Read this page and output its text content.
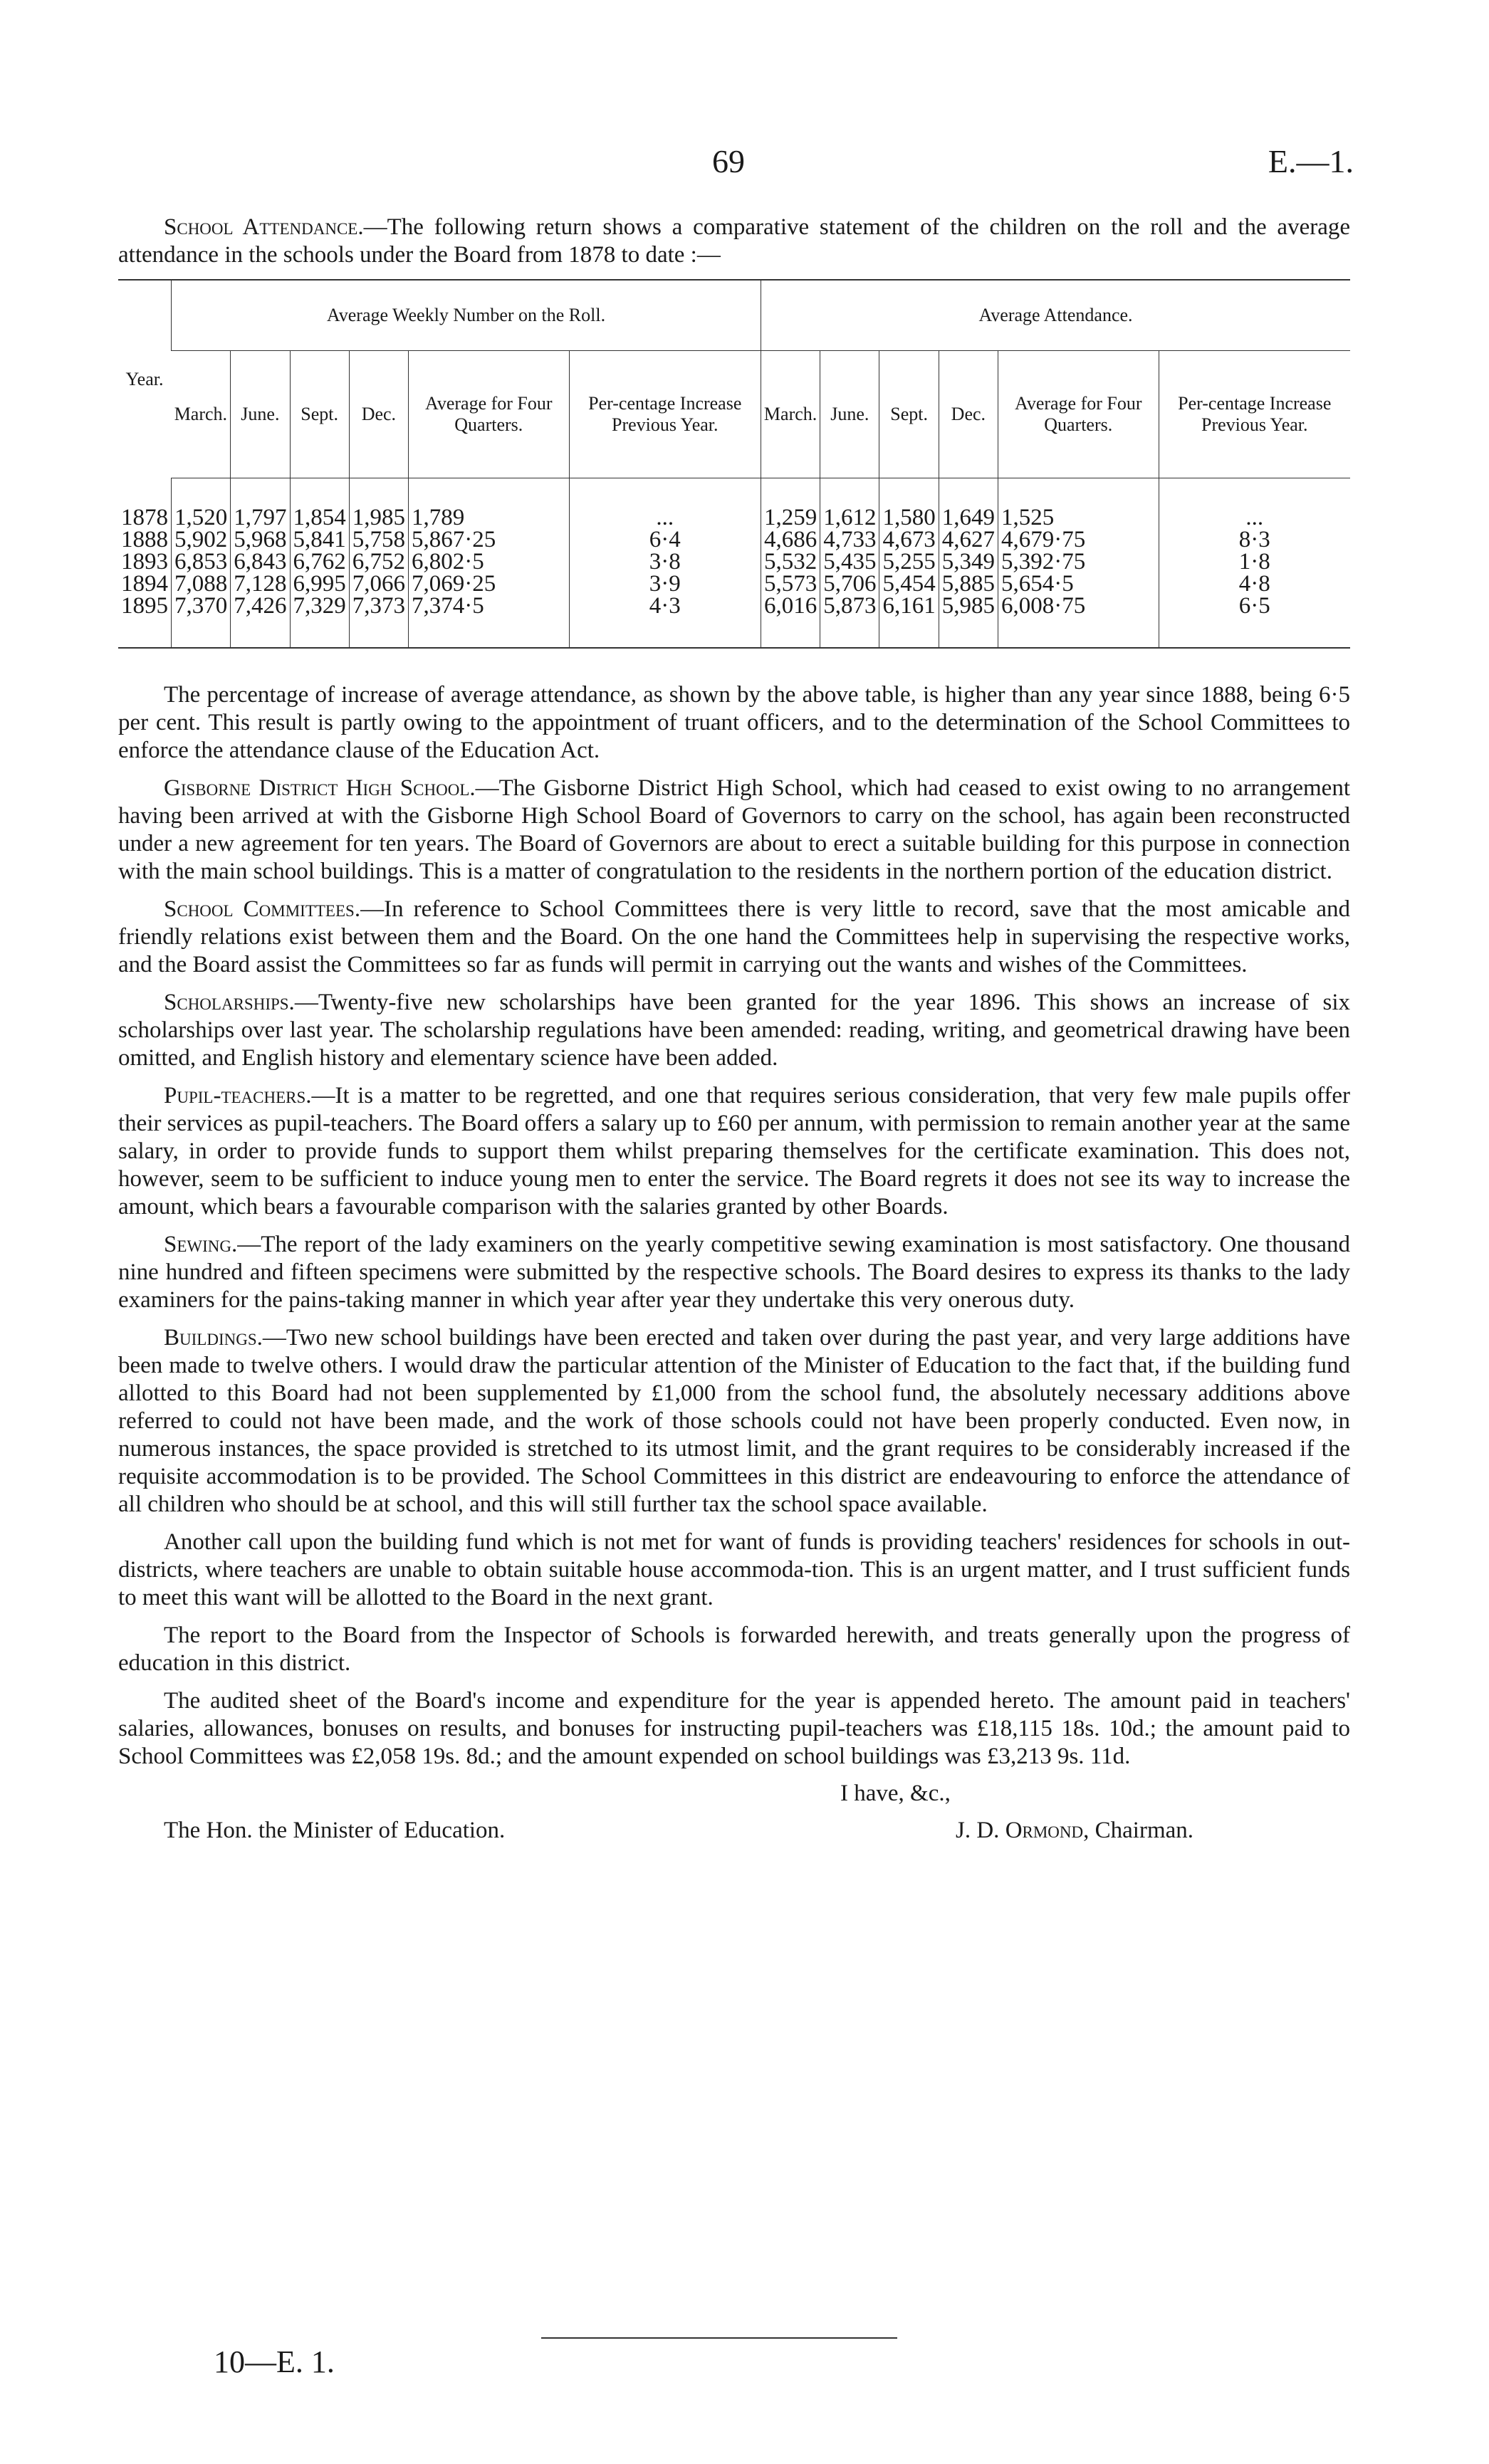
69	E.—1.

School Attendance.—The following return shows a comparative statement of the children on the roll and the average attendance in the schools under the Board from 1878 to date :—

Year.	Average Weekly Number on the Roll.						Average Attendance.					
	March.	June.	Sept.	Dec.	Average for Four Quarters.	Per-centage Increase Previous Year.	March.	June.	Sept.	Dec.	Average for Four Quarters.	Per-centage Increase Previous Year.
1878	1,520	1,797	1,854	1,985	1,789	...	1,259	1,612	1,580	1,649	1,525	...
1888	5,902	5,968	5,841	5,758	5,867·25	6·4	4,686	4,733	4,673	4,627	4,679·75	8·3
1893	6,853	6,843	6,762	6,752	6,802·5	3·8	5,532	5,435	5,255	5,349	5,392·75	1·8
1894	7,088	7,128	6,995	7,066	7,069·25	3·9	5,573	5,706	5,454	5,885	5,654·5	4·8
1895	7,370	7,426	7,329	7,373	7,374·5	4·3	6,016	5,873	6,161	5,985	6,008·75	6·5

The percentage of increase of average attendance, as shown by the above table, is higher than any year since 1888, being 6·5 per cent. This result is partly owing to the appointment of truant officers, and to the determination of the School Committees to enforce the attendance clause of the Education Act.

Gisborne District High School.—The Gisborne District High School, which had ceased to exist owing to no arrangement having been arrived at with the Gisborne High School Board of Governors to carry on the school, has again been reconstructed under a new agreement for ten years. The Board of Governors are about to erect a suitable building for this purpose in connection with the main school buildings. This is a matter of congratulation to the residents in the northern portion of the education district.

School Committees.—In reference to School Committees there is very little to record, save that the most amicable and friendly relations exist between them and the Board. On the one hand the Committees help in supervising the respective works, and the Board assist the Committees so far as funds will permit in carrying out the wants and wishes of the Committees.

Scholarships.—Twenty-five new scholarships have been granted for the year 1896. This shows an increase of six scholarships over last year. The scholarship regulations have been amended: reading, writing, and geometrical drawing have been omitted, and English history and elementary science have been added.

Pupil-teachers.—It is a matter to be regretted, and one that requires serious consideration, that very few male pupils offer their services as pupil-teachers. The Board offers a salary up to £60 per annum, with permission to remain another year at the same salary, in order to provide funds to support them whilst preparing themselves for the certificate examination. This does not, however, seem to be sufficient to induce young men to enter the service. The Board regrets it does not see its way to increase the amount, which bears a favourable comparison with the salaries granted by other Boards.

Sewing.—The report of the lady examiners on the yearly competitive sewing examination is most satisfactory. One thousand nine hundred and fifteen specimens were submitted by the respective schools. The Board desires to express its thanks to the lady examiners for the pains-taking manner in which year after year they undertake this very onerous duty.

Buildings.—Two new school buildings have been erected and taken over during the past year, and very large additions have been made to twelve others. I would draw the particular attention of the Minister of Education to the fact that, if the building fund allotted to this Board had not been supplemented by £1,000 from the school fund, the absolutely necessary additions above referred to could not have been made, and the work of those schools could not have been properly conducted. Even now, in numerous instances, the space provided is stretched to its utmost limit, and the grant requires to be considerably increased if the requisite accommodation is to be provided. The School Committees in this district are endeavouring to enforce the attendance of all children who should be at school, and this will still further tax the school space available.

Another call upon the building fund which is not met for want of funds is providing teachers' residences for schools in out-districts, where teachers are unable to obtain suitable house accommoda-tion. This is an urgent matter, and I trust sufficient funds to meet this want will be allotted to the Board in the next grant.

The report to the Board from the Inspector of Schools is forwarded herewith, and treats generally upon the progress of education in this district.

The audited sheet of the Board's income and expenditure for the year is appended hereto. The amount paid in teachers' salaries, allowances, bonuses on results, and bonuses for instructing pupil-teachers was £18,115 18s. 10d.; the amount paid to School Committees was £2,058 19s. 8d.; and the amount expended on school buildings was £3,213 9s. 11d.

I have, &c.,
The Hon. the Minister of Education.	J. D. Ormond, Chairman.
10—E. 1.
